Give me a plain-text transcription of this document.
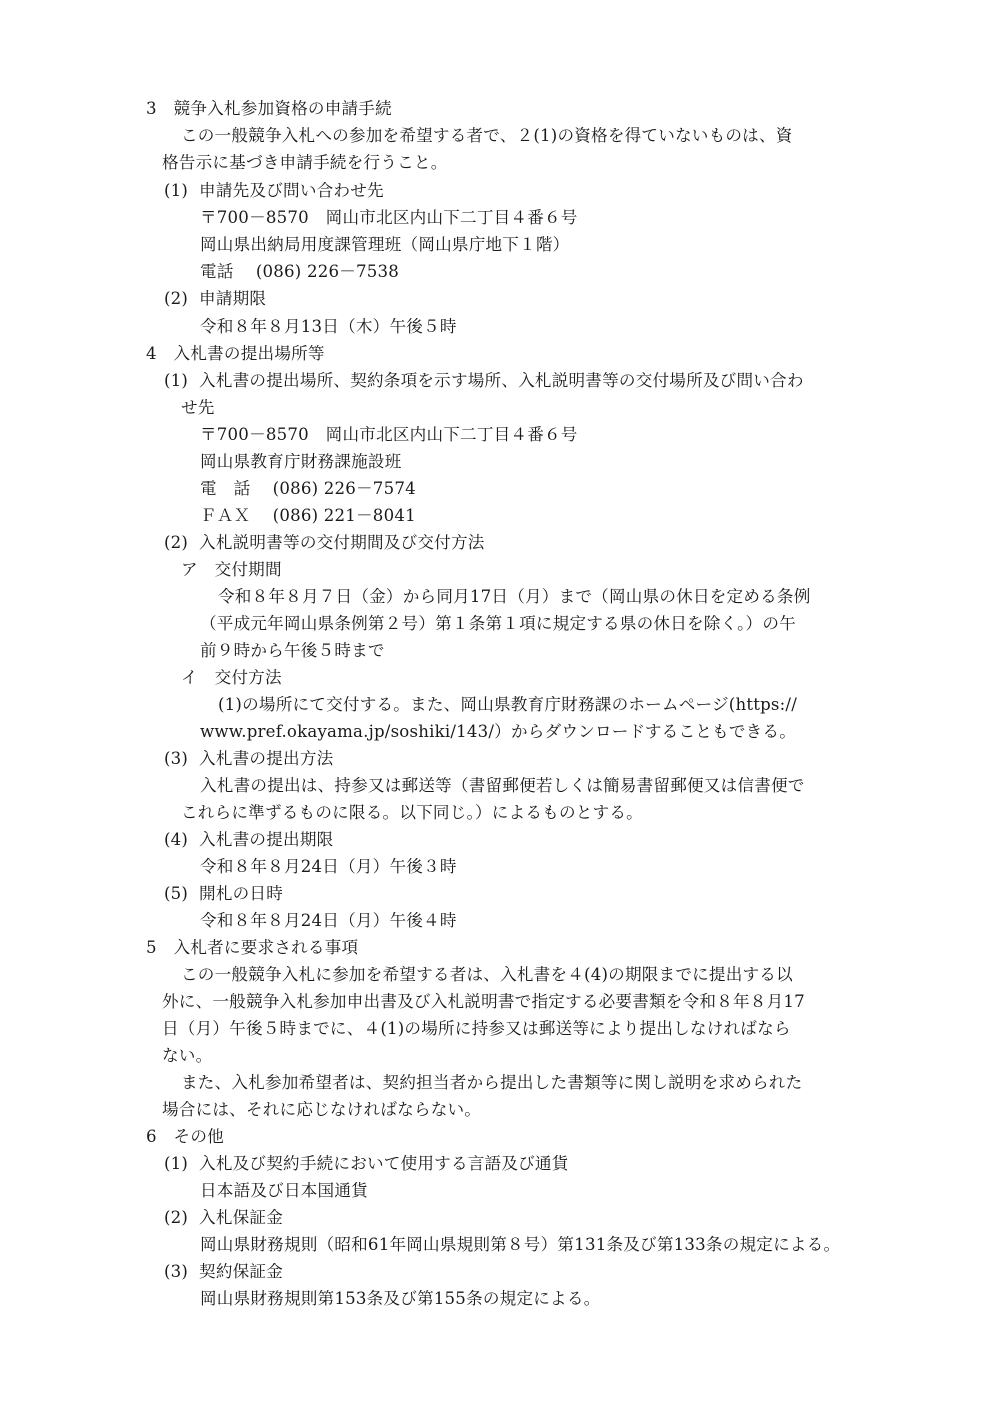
3　競争入札参加資格の申請手続
この一般競争入札への参加を希望する者で、２(1)の資格を得ていないものは、資
格告示に基づき申請手続を行うこと。
(1)  申請先及び問い合わせ先
〒700－8570　岡山市北区内山下二丁目４番６号
岡山県出納局用度課管理班（岡山県庁地下１階）
電話　 (086) 226－7538
(2)  申請期限
令和８年８月13日（木）午後５時
4　入札書の提出場所等
(1)  入札書の提出場所、契約条項を示す場所、入札説明書等の交付場所及び問い合わ
せ先
〒700－8570　岡山市北区内山下二丁目４番６号
岡山県教育庁財務課施設班
電　話　 (086) 226－7574
ＦＡＸ　 (086) 221－8041
(2)  入札説明書等の交付期間及び交付方法
ア　交付期間
令和８年８月７日（金）から同月17日（月）まで（岡山県の休日を定める条例
（平成元年岡山県条例第２号）第１条第１項に規定する県の休日を除く。）の午
前９時から午後５時まで
イ　交付方法
(1)の場所にて交付する。また、岡山県教育庁財務課のホームページ(https://
www.pref.okayama.jp/soshiki/143/）からダウンロードすることもできる。
(3)  入札書の提出方法
入札書の提出は、持参又は郵送等（書留郵便若しくは簡易書留郵便又は信書便で
これらに準ずるものに限る。以下同じ。）によるものとする。
(4)  入札書の提出期限
令和８年８月24日（月）午後３時
(5)  開札の日時
令和８年８月24日（月）午後４時
5　入札者に要求される事項
この一般競争入札に参加を希望する者は、入札書を４(4)の期限までに提出する以
外に、一般競争入札参加申出書及び入札説明書で指定する必要書類を令和８年８月17
日（月）午後５時までに、４(1)の場所に持参又は郵送等により提出しなければなら
ない。
また、入札参加希望者は、契約担当者から提出した書類等に関し説明を求められた
場合には、それに応じなければならない。
6　その他
(1)  入札及び契約手続において使用する言語及び通貨
日本語及び日本国通貨
(2)  入札保証金
岡山県財務規則（昭和61年岡山県規則第８号）第131条及び第133条の規定による。
(3)  契約保証金
岡山県財務規則第153条及び第155条の規定による。
